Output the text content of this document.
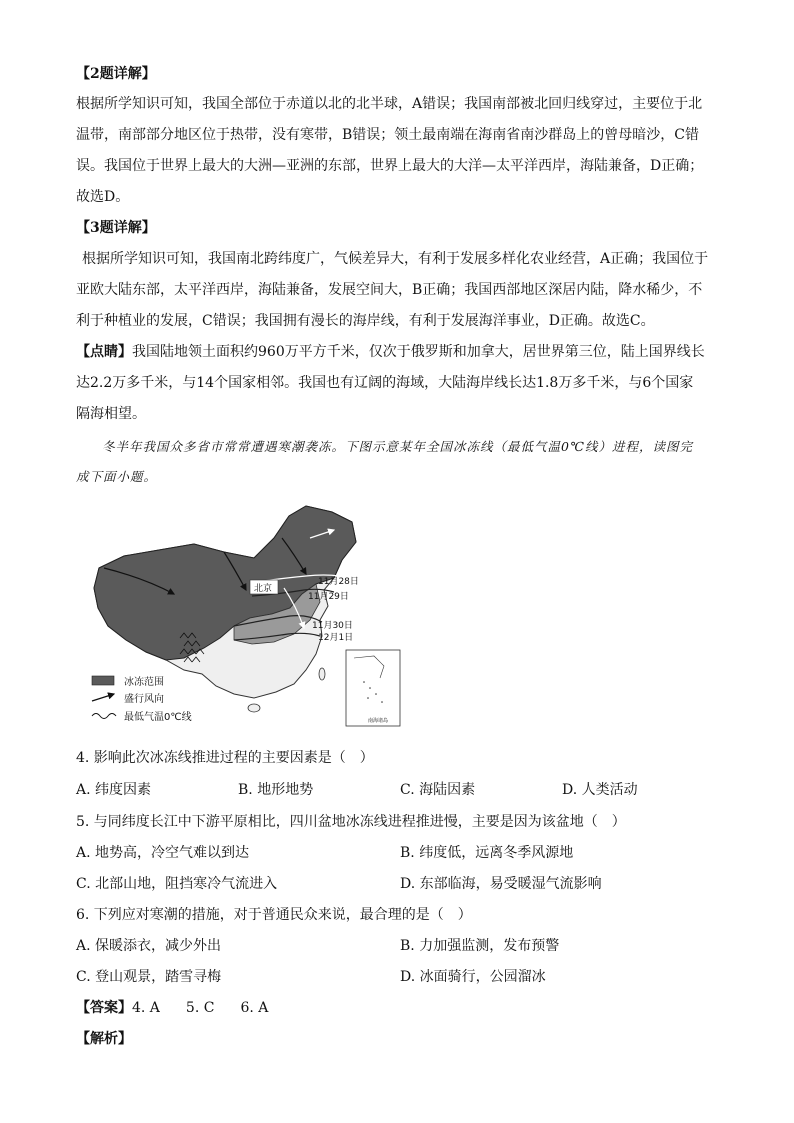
【2题详解】
根据所学知识可知，我国全部位于赤道以北的北半球，A错误；我国南部被北回归线穿过，主要位于北
温带，南部部分地区位于热带，没有寒带，B错误；领土最南端在海南省南沙群岛上的曾母暗沙，C错
误。我国位于世界上最大的大洲—亚洲的东部，世界上最大的大洋—太平洋西岸，海陆兼备，D正确；
故选D。
【3题详解】
根据所学知识可知，我国南北跨纬度广，气候差异大，有利于发展多样化农业经营，A正确；我国位于
亚欧大陆东部，太平洋西岸，海陆兼备，发展空间大，B正确；我国西部地区深居内陆，降水稀少，不
利于种植业的发展，C错误；我国拥有漫长的海岸线，有利于发展海洋事业，D正确。故选C。
【点睛】我国陆地领土面积约960万平方千米，仅次于俄罗斯和加拿大，居世界第三位，陆上国界线长
达2.2万多千米，与14个国家相邻。我国也有辽阔的海域，大陆海岸线长达1.8万多千米，与6个国家
隔海相望。
冬半年我国众多省市常常遭遇寒潮袭冻。下图示意某年全国冰冻线（最低气温0℃线）进程，读图完
成下面小题。
北京
11月28日
11月29日
11月30日
12月1日
南海诸岛
冰冻范围
盛行风向
最低气温0℃线
4. 影响此次冰冻线推进过程的主要因素是（　）
A. 纬度因素	B. 地形地势	C. 海陆因素	D. 人类活动
5. 与同纬度长江中下游平原相比，四川盆地冰冻线进程推进慢，主要是因为该盆地（　）
A. 地势高，冷空气难以到达	B. 纬度低，远离冬季风源地
C. 北部山地，阻挡寒冷气流进入	D. 东部临海，易受暖湿气流影响
6. 下列应对寒潮的措施，对于普通民众来说，最合理的是（　）
A. 保暖添衣，减少外出	B. 力加强监测，发布预警
C. 登山观景，踏雪寻梅	D. 冰面骑行，公园溜冰
【答案】4. A 5. C 6. A
【解析】
